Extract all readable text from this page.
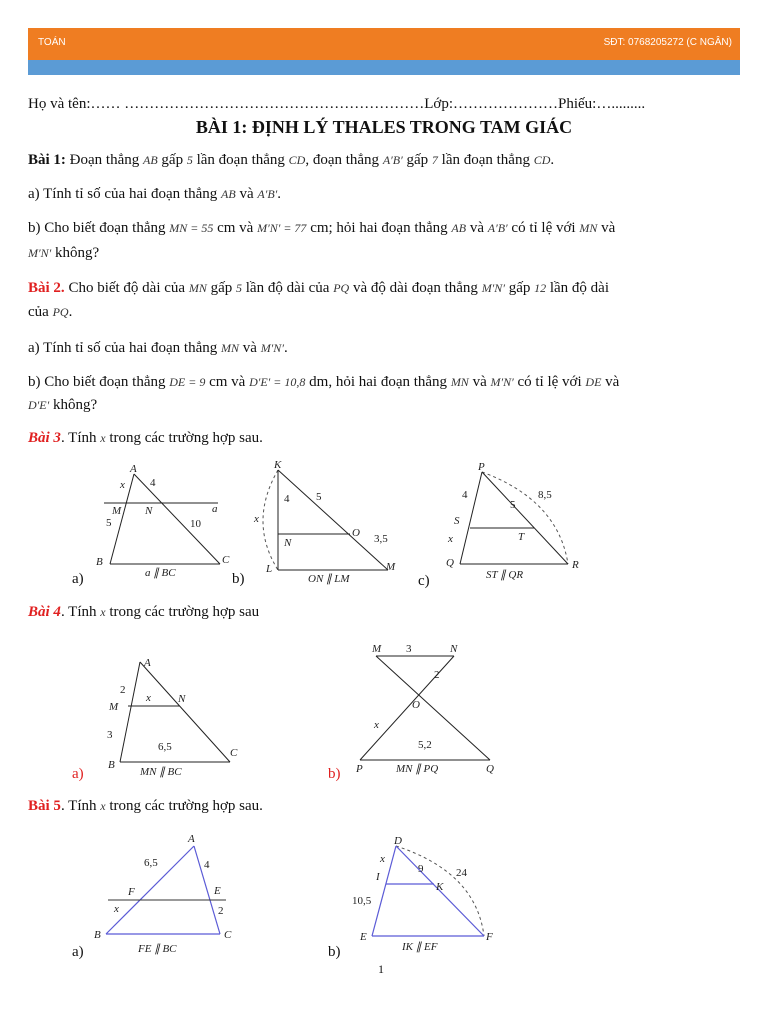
TOÁN	SĐT: 0768205272 (C NGÂN)
Họ và tên:…… ……………………………………………………Lớp:…………………Phiếu:….........
BÀI 1: ĐỊNH LÝ THALES TRONG TAM GIÁC
Bài 1: Đoạn thẳng AB gấp 5 lần đoạn thẳng CD, đoạn thẳng A′B′ gấp 7 lần đoạn thẳng CD.
a) Tính tỉ số của hai đoạn thẳng AB và A′B′.
b) Cho biết đoạn thẳng MN = 55 cm và M′N′ = 77 cm; hỏi hai đoạn thẳng AB và A′B′ có tỉ lệ với MN và
M′N′ không?
Bài 2. Cho biết độ dài của MN gấp 5 lần độ dài của PQ và độ dài đoạn thẳng M′N′ gấp 12 lần độ dài
của PQ.
a) Tính tỉ số của hai đoạn thẳng MN và M′N′.
b) Cho biết đoạn thẳng DE = 9 cm và D′E′ = 10,8 dm, hỏi hai đoạn thẳng MN và M′N′ có tỉ lệ với DE và
D′E′ không?
Bài 3. Tính x trong các trường hợp sau.
A
x 4
M N	a
5	10
B	C
a ∥ BC
a)
K
4 5
x
N
O 3,5
L	M
ON ∥ LM
b)
P
4
5
8,5
S
x	T
Q	R
ST ∥ QR
c)
Bài 4. Tính x trong các trường hợp sau
A
2
x N
M
3
6,5
B
C
MN ∥ BC
a)
M 3	N
2
O
x
5,2
P	Q
MN ∥ PQ
b)
Bài 5. Tính x trong các trường hợp sau.
A
6,5	4
F	E
x	2
B	C
FE ∥ BC
a)
D
x
9	24
I
K
10,5
E	F
IK ∥ EF
b)
1
